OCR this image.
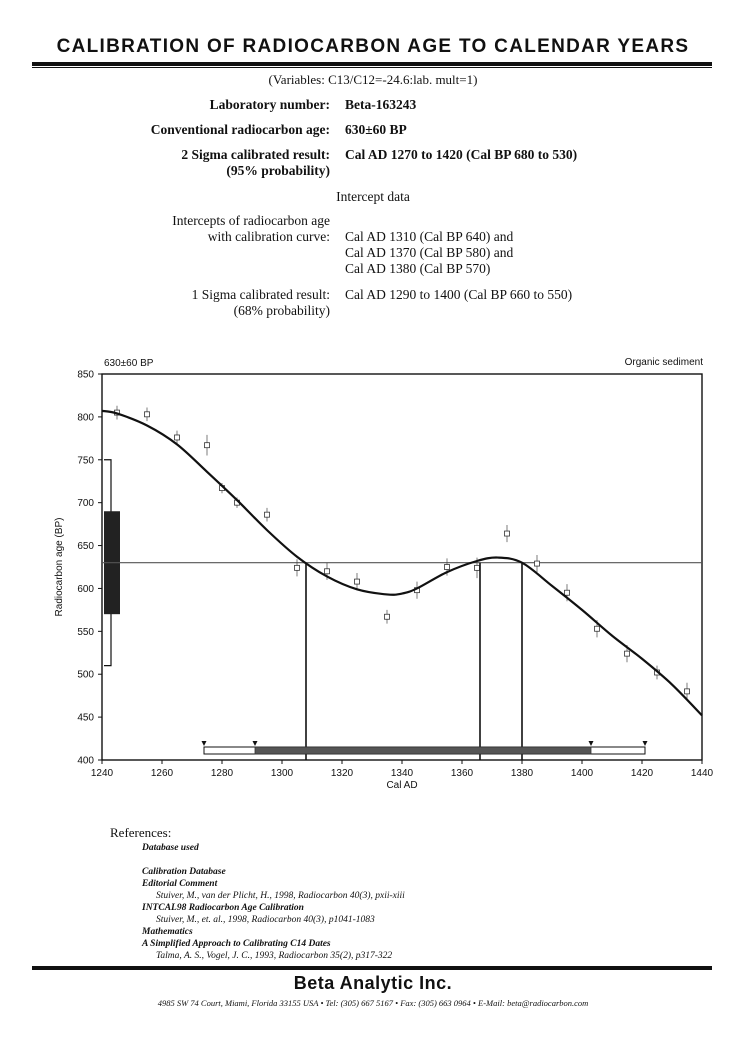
CALIBRATION OF RADIOCARBON AGE TO CALENDAR YEARS
(Variables: C13/C12=-24.6:lab. mult=1)
Laboratory number: Beta-163243
Conventional radiocarbon age: 630±60 BP
2 Sigma calibrated result:
(95% probability)
Cal AD 1270 to 1420 (Cal BP 680 to 530)
Intercept data
Intercepts of radiocarbon age
with calibration curve: Cal AD 1310 (Cal BP 640) and
Cal AD 1370 (Cal BP 580) and
Cal AD 1380 (Cal BP 570)
1 Sigma calibrated result:
(68% probability)
Cal AD 1290 to 1400 (Cal BP 660 to 550)
630±60 BP	Organic sediment
400
450
500
550
600
650
700
750
800
850
1240	1260	1280	1300	1320	1340	1360	1380	1400	1420	1440
Cal AD
Radiocarbon age (BP)
References:
Database used
Calibration Database
Editorial Comment
Stuiver, M., van der Plicht, H., 1998, Radiocarbon 40(3), pxii-xiii
INTCAL98 Radiocarbon Age Calibration
Stuiver, M., et. al., 1998, Radiocarbon 40(3), p1041-1083
Mathematics
A Simplified Approach to Calibrating C14 Dates
Talma, A. S., Vogel, J. C., 1993, Radiocarbon 35(2), p317-322
Beta Analytic Inc.
4985 SW 74 Court, Miami, Florida 33155 USA • Tel: (305) 667 5167 • Fax: (305) 663 0964 • E-Mail: beta@radiocarbon.com
